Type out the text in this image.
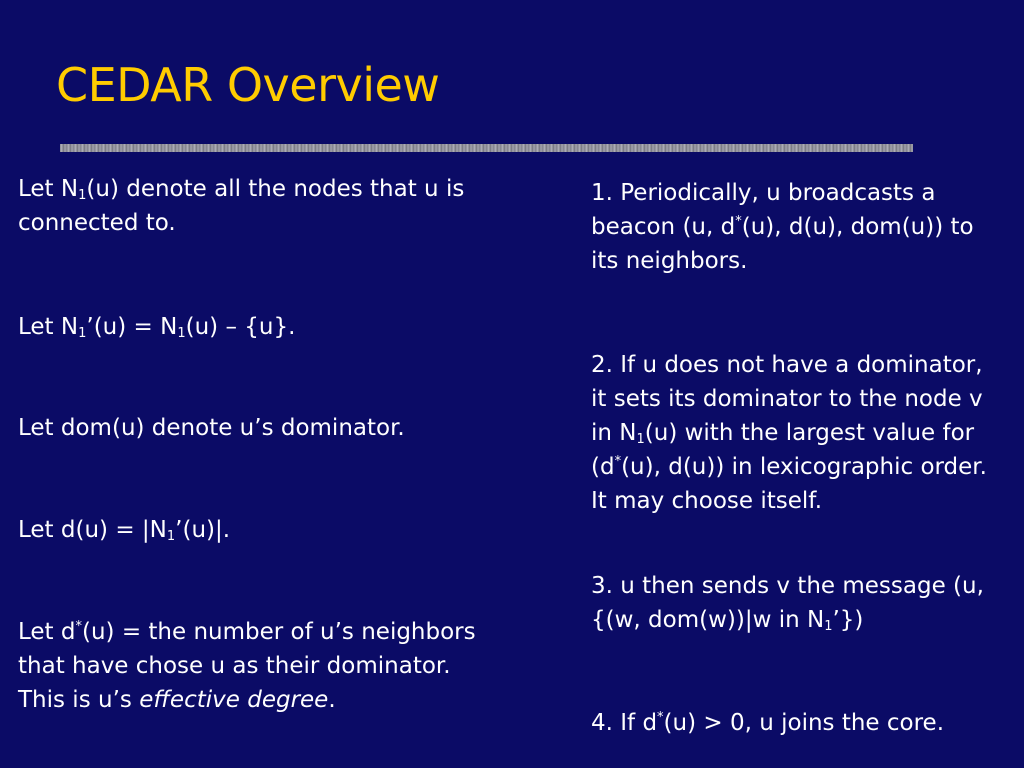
CEDAR Overview

Let $N_1(u)$ denote all the nodes that u is connected to.

Let $N_1’(u) = N_1(u) - \{u\}$.

Let dom(u) denote u’s dominator.

Let $d(u) = |N_1’(u)|$.

Let d*(u) = the number of u’s neighbors that have chose u as their dominator. This is u’s effective degree.

1. Periodically, u broadcasts a beacon (u, d*(u), d(u), dom(u)) to its neighbors.

2. If u does not have a dominator, it sets its dominator to the node v in $N_1(u)$ with the largest value for (d*(u), d(u)) in lexicographic order. It may choose itself.

3. u then sends v the message (u, {(w, dom(w))|w in $N_1$’})

4. If d*(u) > 0, u joins the core.
